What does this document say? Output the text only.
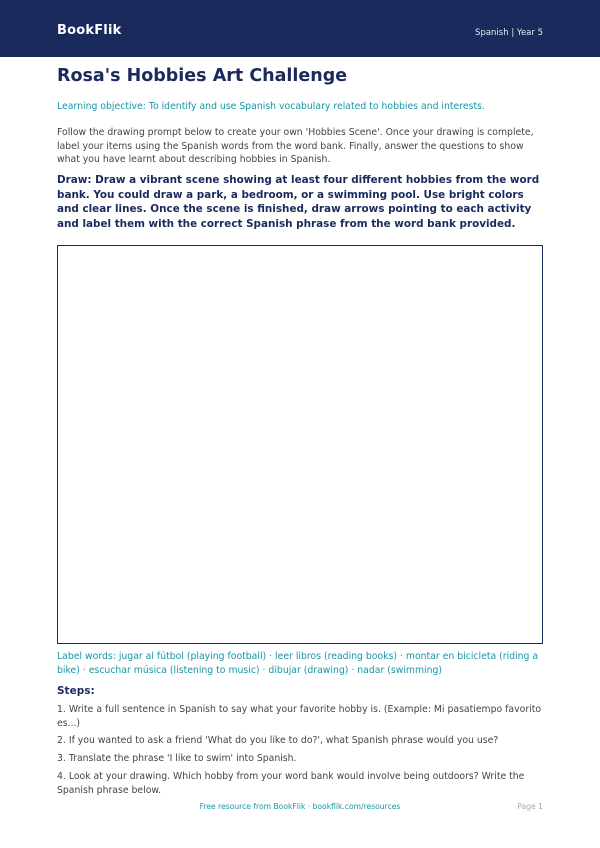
BookFlik	Spanish | Year 5
Rosa's Hobbies Art Challenge
Learning objective: To identify and use Spanish vocabulary related to hobbies and interests.
Follow the drawing prompt below to create your own 'Hobbies Scene'. Once your drawing is complete, label your items using the Spanish words from the word bank. Finally, answer the questions to show what you have learnt about describing hobbies in Spanish.
Draw: Draw a vibrant scene showing at least four different hobbies from the word bank. You could draw a park, a bedroom, or a swimming pool. Use bright colors and clear lines. Once the scene is finished, draw arrows pointing to each activity and label them with the correct Spanish phrase from the word bank provided.
Label words: jugar al fútbol (playing football) · leer libros (reading books) · montar en bicicleta (riding a bike) · escuchar música (listening to music) · dibujar (drawing) · nadar (swimming)
Steps:
1. Write a full sentence in Spanish to say what your favorite hobby is. (Example: Mi pasatiempo favorito es...)
2. If you wanted to ask a friend 'What do you like to do?', what Spanish phrase would you use?
3. Translate the phrase 'I like to swim' into Spanish.
4. Look at your drawing. Which hobby from your word bank would involve being outdoors? Write the Spanish phrase below.
Free resource from BookFlik · bookflik.com/resources	Page 1
